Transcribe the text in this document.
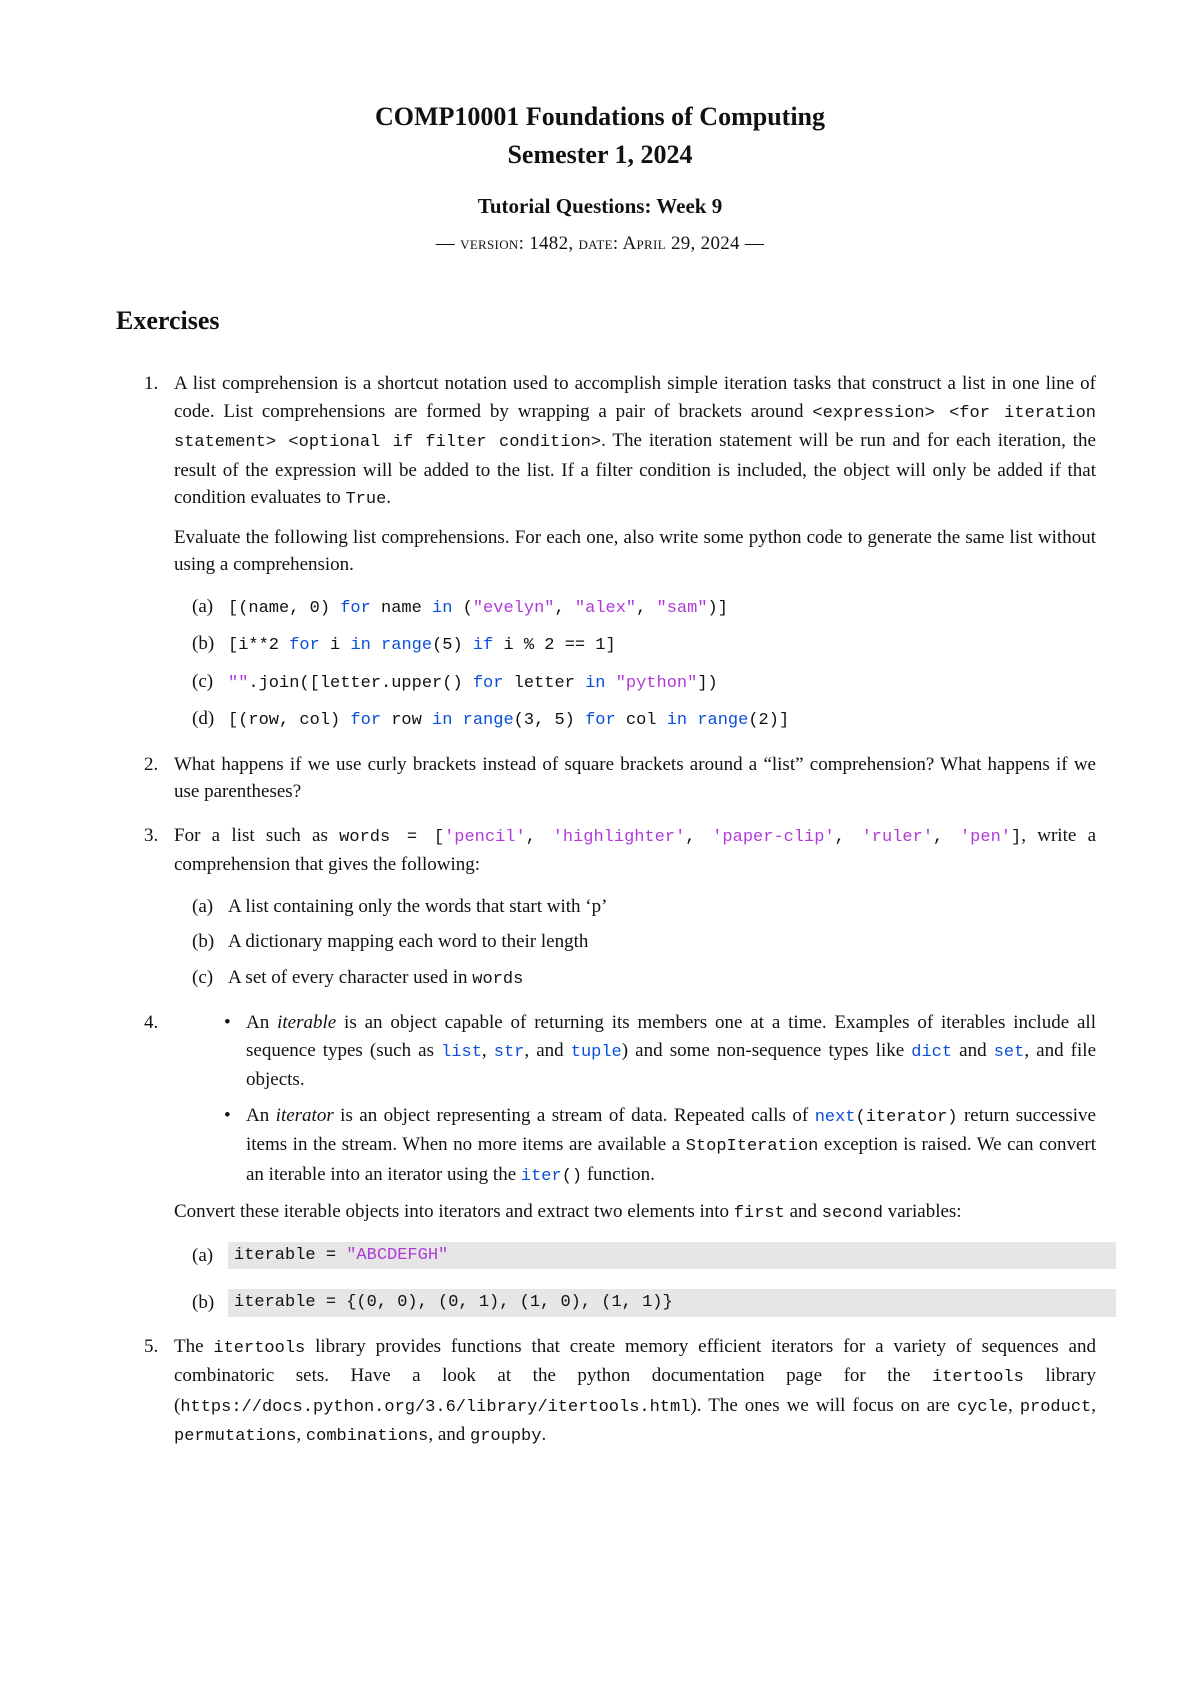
COMP10001 Foundations of Computing
Semester 1, 2024
Tutorial Questions: Week 9
— version: 1482, date: April 29, 2024 —
Exercises
1. A list comprehension is a shortcut notation used to accomplish simple iteration tasks that construct a list in one line of code. List comprehensions are formed by wrapping a pair of brackets around <expression> <for iteration statement> <optional if filter condition>. The iteration statement will be run and for each iteration, the result of the expression will be added to the list. If a filter condition is included, the object will only be added if that condition evaluates to True.

Evaluate the following list comprehensions. For each one, also write some python code to generate the same list without using a comprehension.

(a) [(name, 0) for name in ("evelyn", "alex", "sam")]
(b) [i**2 for i in range(5) if i % 2 == 1]
(c) "".join([letter.upper() for letter in "python"])
(d) [(row, col) for row in range(3, 5) for col in range(2)]
2. What happens if we use curly brackets instead of square brackets around a “list” comprehension? What happens if we use parentheses?

3. For a list such as words = ['pencil', 'highlighter', 'paper-clip', 'ruler', 'pen'], write a comprehension that gives the following:

(a) A list containing only the words that start with ‘p’
(b) A dictionary mapping each word to their length
(c) A set of every character used in words
4.	• An iterable is an object capable of returning its members one at a time. Examples of iterables include all sequence types (such as list, str, and tuple) and some non-sequence types like dict and set, and file objects.
• An iterator is an object representing a stream of data. Repeated calls of next(iterator) return successive items in the stream. When no more items are available a StopIteration exception is raised. We can convert an iterable into an iterator using the iter() function.

Convert these iterable objects into iterators and extract two elements into first and second variables:

(a)	iterable = "ABCDEFGH"
(b)	iterable = {(0, 0), (0, 1), (1, 0), (1, 1)}
5. The itertools library provides functions that create memory efficient iterators for a variety of sequences and combinatoric sets. Have a look at the python documentation page for the itertools library (https://docs.python.org/3.6/library/itertools.html). The ones we will focus on are cycle, product, permutations, combinations, and groupby.
